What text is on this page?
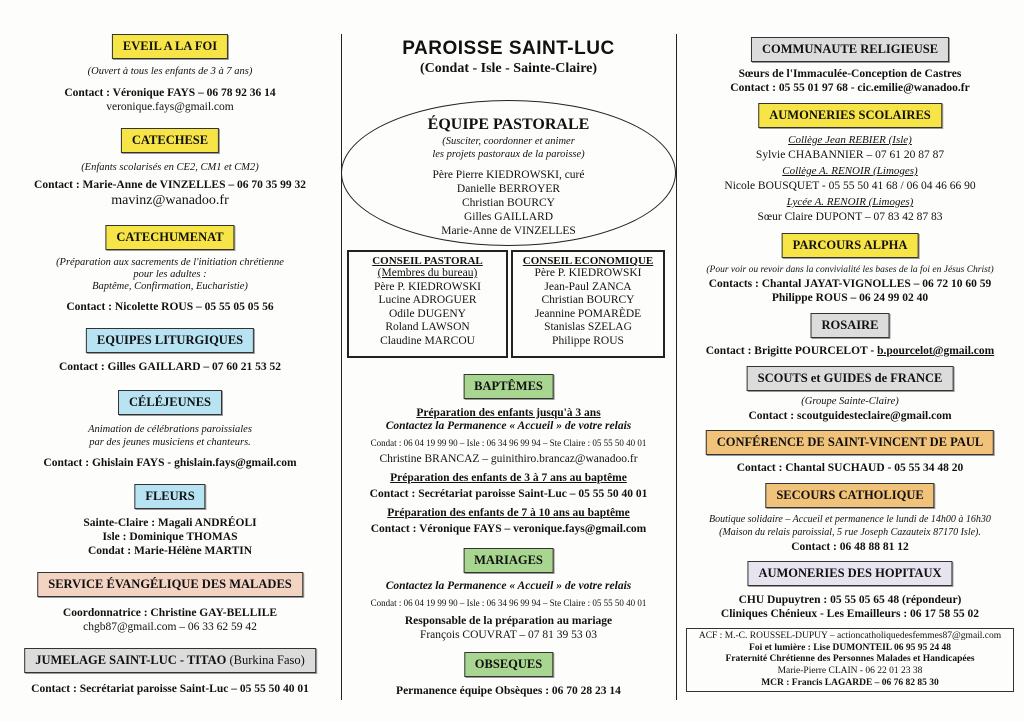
EVEIL A LA FOI
(Ouvert à tous les enfants de 3 à 7 ans)
Contact : Véronique FAYS – 06 78 92 36 14
veronique.fays@gmail.com
CATECHESE
(Enfants scolarisés en CE2, CM1 et CM2)
Contact : Marie-Anne de VINZELLES – 06 70 35 99 32
mavinz@wanadoo.fr
CATECHUMENAT
(Préparation aux sacrements de l'initiation chrétienne
pour les adultes :
Baptême, Confirmation, Eucharistie)
Contact : Nicolette ROUS – 05 55 05 05 56
EQUIPES LITURGIQUES
Contact : Gilles GAILLARD – 07 60 21 53 52
CÉLÉJEUNES
Animation de célébrations paroissiales
par des jeunes musiciens et chanteurs.
Contact : Ghislain FAYS - ghislain.fays@gmail.com
FLEURS
Sainte-Claire : Magali ANDRÉOLI
Isle : Dominique THOMAS
Condat : Marie-Hélène MARTIN
SERVICE ÉVANGÉLIQUE DES MALADES
Coordonnatrice : Christine GAY-BELLILE
chgb87@gmail.com – 06 33 62 59 42
JUMELAGE SAINT-LUC - TITAO (Burkina Faso)
Contact : Secrétariat paroisse Saint-Luc – 05 55 50 40 01
PAROISSE SAINT-LUC
(Condat - Isle - Sainte-Claire)
ÉQUIPE PASTORALE
(Susciter, coordonner et animer
les projets pastoraux de la paroisse)
Père Pierre KIEDROWSKI, curé
Danielle BERROYER
Christian BOURCY
Gilles GAILLARD
Marie-Anne de VINZELLES
CONSEIL PASTORAL
(Membres du bureau)
Père P. KIEDROWSKI
Lucine ADROGUER
Odile DUGENY
Roland LAWSON
Claudine MARCOU
CONSEIL ECONOMIQUE
Père P. KIEDROWSKI
Jean-Paul ZANCA
Christian BOURCY
Jeannine POMARÈDE
Stanislas SZELAG
Philippe ROUS
BAPTÊMES
Préparation des enfants jusqu'à 3 ans
Contactez la Permanence « Accueil » de votre relais
Condat : 06 04 19 99 90 – Isle : 06 34 96 99 94 – Ste Claire : 05 55 50 40 01
Christine BRANCAZ – guinithiro.brancaz@wanadoo.fr
Préparation des enfants de 3 à 7 ans au baptême
Contact : Secrétariat paroisse Saint-Luc – 05 55 50 40 01
Préparation des enfants de 7 à 10 ans au baptême
Contact : Véronique FAYS – veronique.fays@gmail.com
MARIAGES
Contactez la Permanence « Accueil » de votre relais
Condat : 06 04 19 99 90 – Isle : 06 34 96 99 94 – Ste Claire : 05 55 50 40 01
Responsable de la préparation au mariage
François COUVRAT – 07 81 39 53 03
OBSEQUES
Permanence équipe Obsèques : 06 70 28 23 14
COMMUNAUTE RELIGIEUSE
Sœurs de l'Immaculée-Conception de Castres
Contact : 05 55 01 97 68 - cic.emilie@wanadoo.fr
AUMONERIES SCOLAIRES
Collège Jean REBIER (Isle)
Sylvie CHABANNIER – 07 61 20 87 87
Collège A. RENOIR (Limoges)
Nicole BOUSQUET - 05 55 50 41 68 / 06 04 46 66 90
Lycée A. RENOIR (Limoges)
Sœur Claire DUPONT – 07 83 42 87 83
PARCOURS ALPHA
(Pour voir ou revoir dans la convivialité les bases de la foi en Jésus Christ)
Contacts : Chantal JAYAT-VIGNOLLES – 06 72 10 60 59
Philippe ROUS – 06 24 99 02 40
ROSAIRE
Contact : Brigitte POURCELOT - b.pourcelot@gmail.com
SCOUTS et GUIDES de FRANCE
(Groupe Sainte-Claire)
Contact : scoutguidesteclaire@gmail.com
CONFÉRENCE DE SAINT-VINCENT DE PAUL
Contact : Chantal SUCHAUD - 05 55 34 48 20
SECOURS CATHOLIQUE
Boutique solidaire – Accueil et permanence le lundi de 14h00 à 16h30
(Maison du relais paroissial, 5 rue Joseph Cazauteix 87170 Isle).
Contact : 06 48 88 81 12
AUMONERIES DES HOPITAUX
CHU Dupuytren : 05 55 05 65 48 (répondeur)
Cliniques Chénieux - Les Emailleurs : 06 17 58 55 02
ACF : M.-C. ROUSSEL-DUPUY – actioncatholiquedesfemmes87@gmail.com
Foi et lumière : Lise DUMONTEIL 06 95 95 24 48
Fraternité Chrétienne des Personnes Malades et Handicapées
Marie-Pierre CLAIN - 06 22 01 23 38
MCR : Francis LAGARDE – 06 76 82 85 30
